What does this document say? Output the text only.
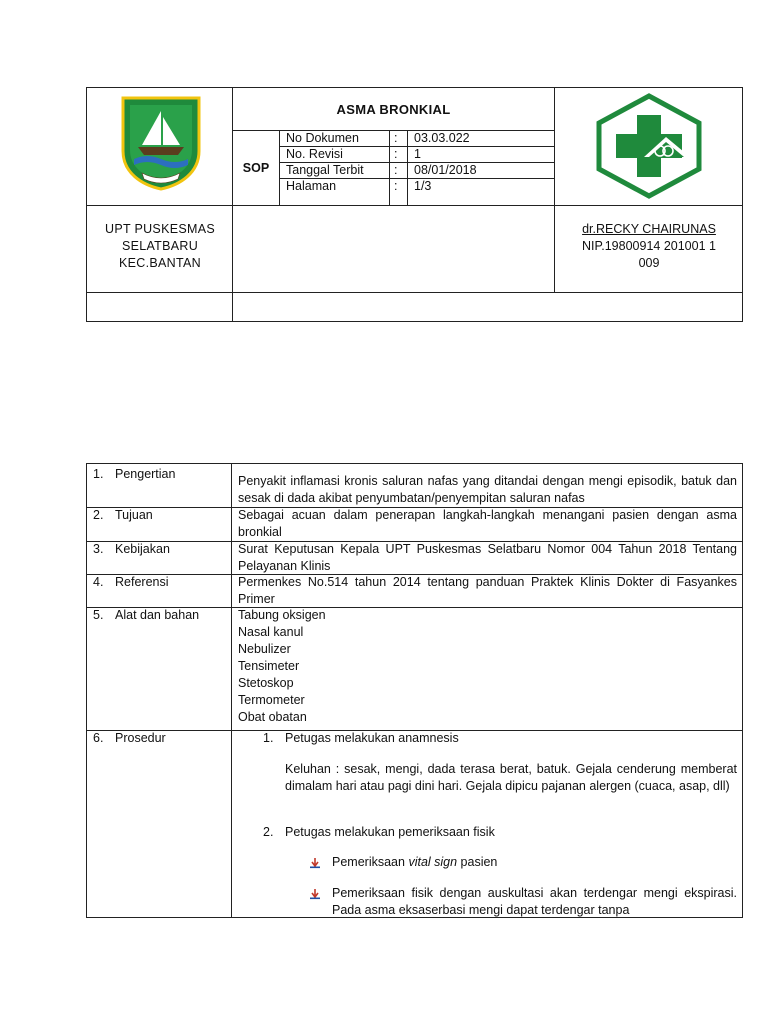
ASMA BRONKIAL
SOP
No Dokumen	: 03.03.022
No. Revisi	: 1
Tanggal Terbit : 08/01/2018
Halaman	: 1/3
UPT PUSKESMAS
SELATBARU
KEC.BANTAN
dr.RECKY CHAIRUNAS
NIP.19800914 201001 1
009
1. Pengertian	Penyakit inflamasi kronis saluran nafas yang ditandai dengan mengi episodik, batuk dan sesak di dada akibat penyumbatan/penyempitan saluran nafas
2. Tujuan	Sebagai acuan dalam penerapan langkah-langkah menangani pasien dengan asma bronkial
3. Kebijakan	Surat Keputusan Kepala UPT Puskesmas Selatbaru Nomor 004 Tahun 2018 Tentang Pelayanan Klinis
4. Referensi	Permenkes No.514 tahun 2014 tentang panduan Praktek Klinis Dokter di Fasyankes Primer
5. Alat dan bahan	Tabung oksigen

Nasal kanul

Nebulizer

Tensimeter

Stetoskop

Termometer

Obat obatan

6. Prosedur	1. Petugas melakukan anamnesis
Keluhan : sesak, mengi, dada terasa berat, batuk. Gejala cenderung memberat dimalam hari atau pagi dini hari. Gejala dipicu pajanan alergen (cuaca, asap, dll)
2. Petugas melakukan pemeriksaan fisik
Pemeriksaan vital sign pasien
Pemeriksaan fisik dengan auskultasi akan terdengar mengi ekspirasi. Pada asma eksaserbasi mengi dapat terdengar tanpa
